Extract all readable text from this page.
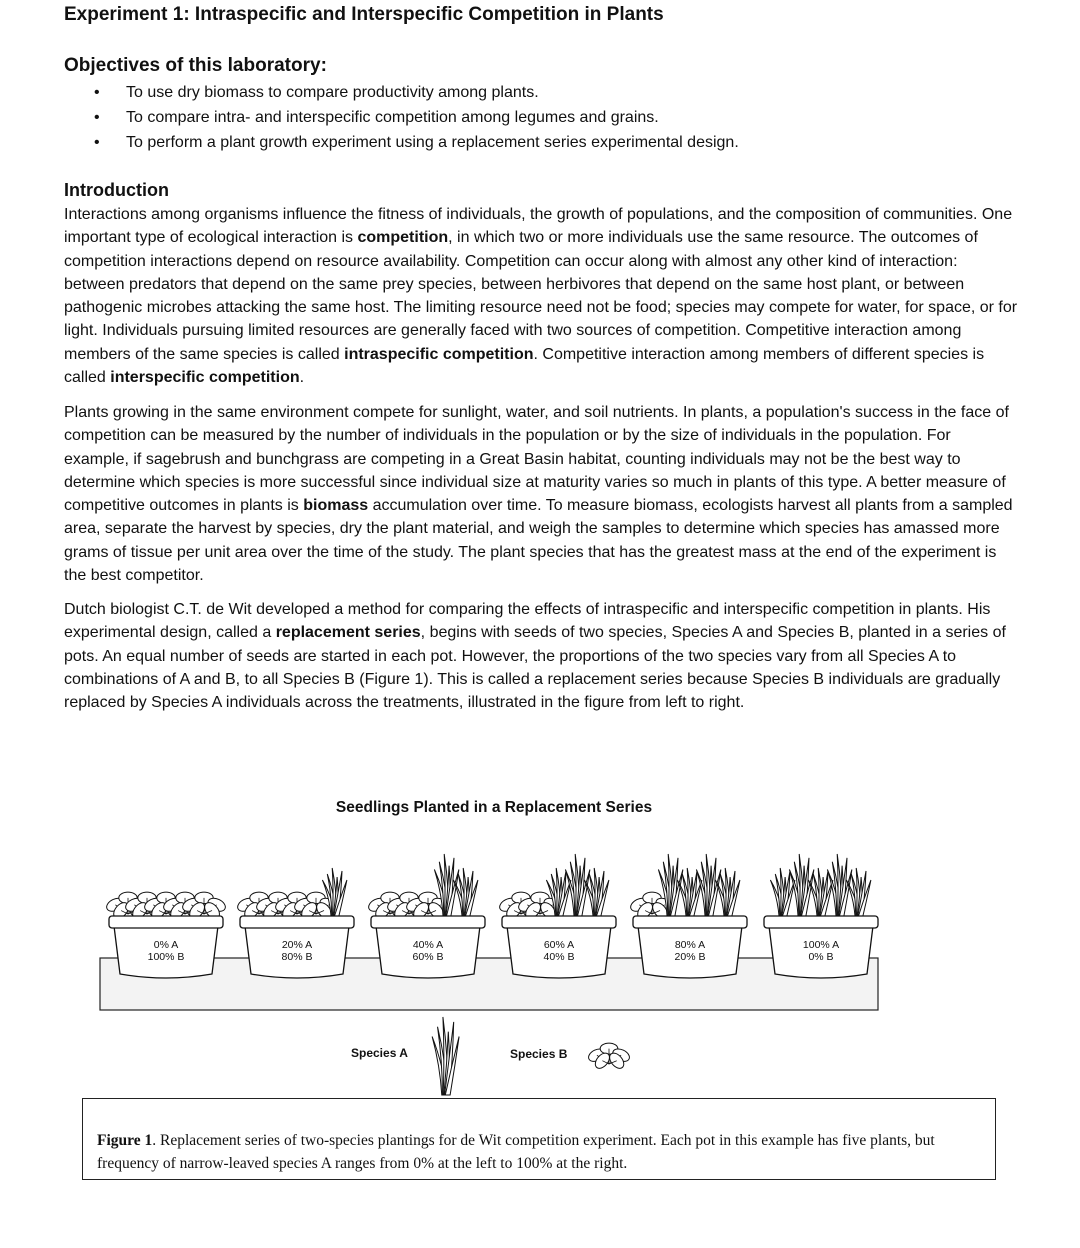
Experiment 1: Intraspecific and Interspecific Competition in Plants
Objectives of this laboratory:
• To use dry biomass to compare productivity among plants.
• To compare intra- and interspecific competition among legumes and grains.
• To perform a plant growth experiment using a replacement series experimental design.
Introduction

Interactions among organisms influence the fitness of individuals, the growth of populations, and the composition of communities. One important type of ecological interaction is competition, in which two or more individuals use the same resource. The outcomes of competition interactions depend on resource availability. Competition can occur along with almost any other kind of interaction: between predators that depend on the same prey species, between herbivores that depend on the same host plant, or between pathogenic microbes attacking the same host. The limiting resource need not be food; species may compete for water, for space, or for light. Individuals pursuing limited resources are generally faced with two sources of competition. Competitive interaction among members of the same species is called intraspecific competition. Competitive interaction among members of different species is called interspecific competition.

Plants growing in the same environment compete for sunlight, water, and soil nutrients. In plants, a population's success in the face of competition can be measured by the number of individuals in the population or by the size of individuals in the population. For example, if sagebrush and bunchgrass are competing in a Great Basin habitat, counting individuals may not be the best way to determine which species is more successful since individual size at maturity varies so much in plants of this type. A better measure of competitive outcomes in plants is biomass accumulation over time. To measure biomass, ecologists harvest all plants from a sampled area, separate the harvest by species, dry the plant material, and weigh the samples to determine which species has amassed more grams of tissue per unit area over the time of the study. The plant species that has the greatest mass at the end of the experiment is the best competitor.

Dutch biologist C.T. de Wit developed a method for comparing the effects of intraspecific and interspecific competition in plants. His experimental design, called a replacement series, begins with seeds of two species, Species A and Species B, planted in a series of pots. An equal number of seeds are started in each pot. However, the proportions of the two species vary from all Species A to combinations of A and B, to all Species B (Figure 1). This is called a replacement series because Species B individuals are gradually replaced by Species A individuals across the treatments, illustrated in the figure from left to right.

Seedlings Planted in a Replacement Series
0% A
100% B
20% A
80% B
40% A
60% B
60% A
40% B
80% A
20% B
100% A
0% B
Species A	Species B
Figure 1. Replacement series of two-species plantings for de Wit competition experiment. Each pot in this example has five plants, but frequency of narrow-leaved species A ranges from 0% at the left to 100% at the right.
